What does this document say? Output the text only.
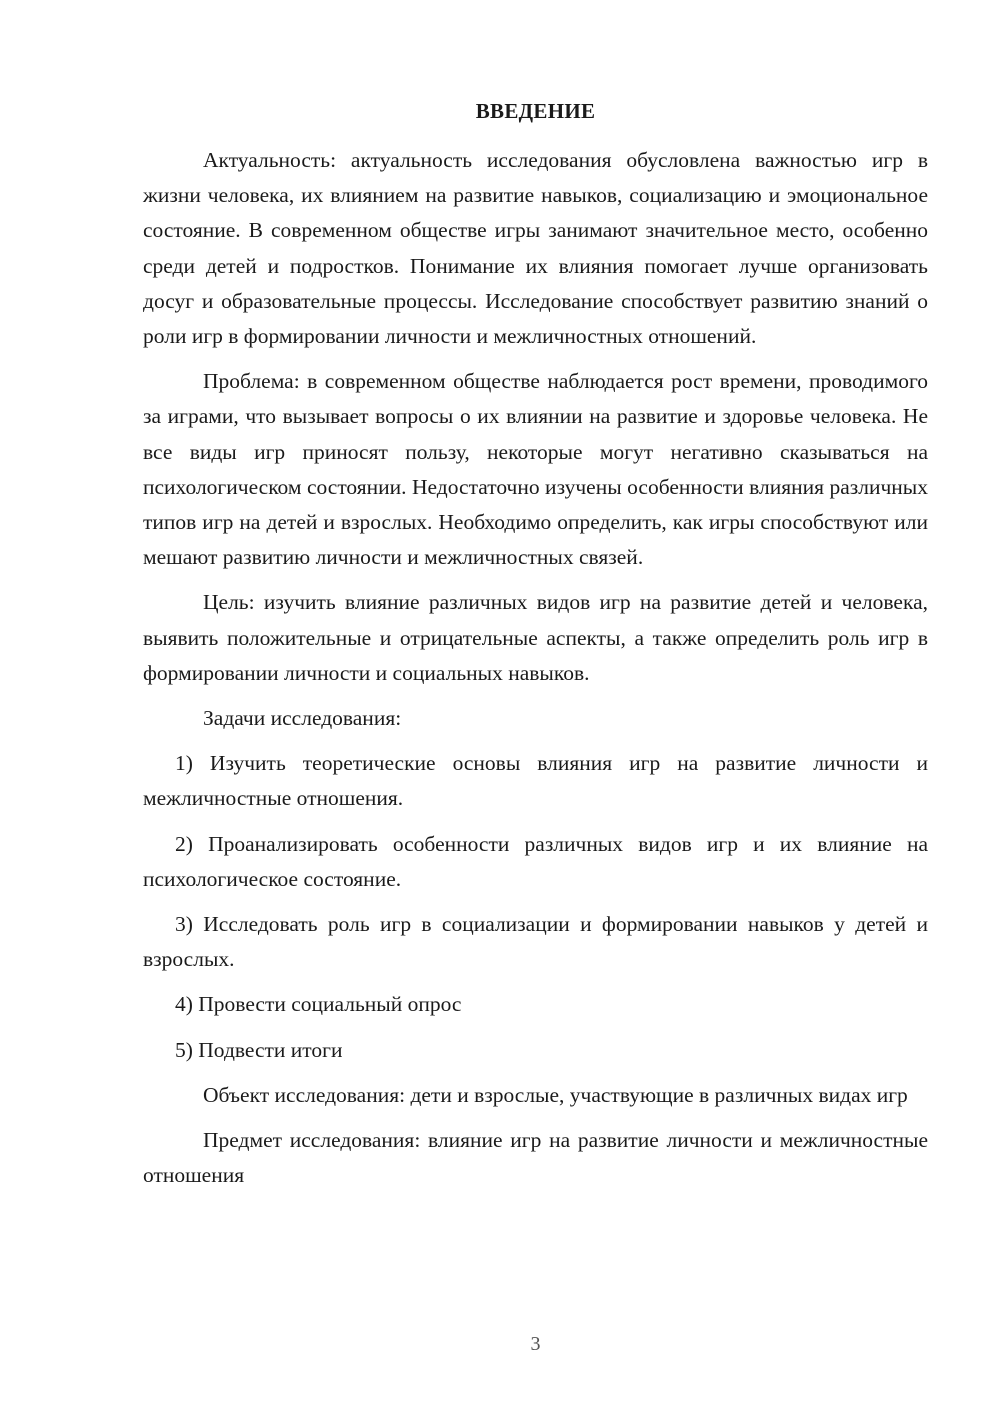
ВВЕДЕНИЕ

Актуальность: актуальность исследования обусловлена важностью игр в жизни человека, их влиянием на развитие навыков, социализацию и эмоциональное состояние. В современном обществе игры занимают значительное место, особенно среди детей и подростков. Понимание их влияния помогает лучше организовать досуг и образовательные процессы. Исследование способствует развитию знаний о роли игр в формировании личности и межличностных отношений.

Проблема: в современном обществе наблюдается рост времени, проводимого за играми, что вызывает вопросы о их влиянии на развитие и здоровье человека. Не все виды игр приносят пользу, некоторые могут негативно сказываться на психологическом состоянии. Недостаточно изучены особенности влияния различных типов игр на детей и взрослых. Необходимо определить, как игры способствуют или мешают развитию личности и межличностных связей.

Цель: изучить влияние различных видов игр на развитие детей и человека, выявить положительные и отрицательные аспекты, а также определить роль игр в формировании личности и социальных навыков.

Задачи исследования:

1) Изучить теоретические основы влияния игр на развитие личности и межличностные отношения.

2) Проанализировать особенности различных видов игр и их влияние на психологическое состояние.

3) Исследовать роль игр в социализации и формировании навыков у детей и взрослых.

4) Провести социальный опрос

5) Подвести итоги

Объект исследования: дети и взрослые, участвующие в различных видах игр

Предмет исследования: влияние игр на развитие личности и межличностные отношения

3
